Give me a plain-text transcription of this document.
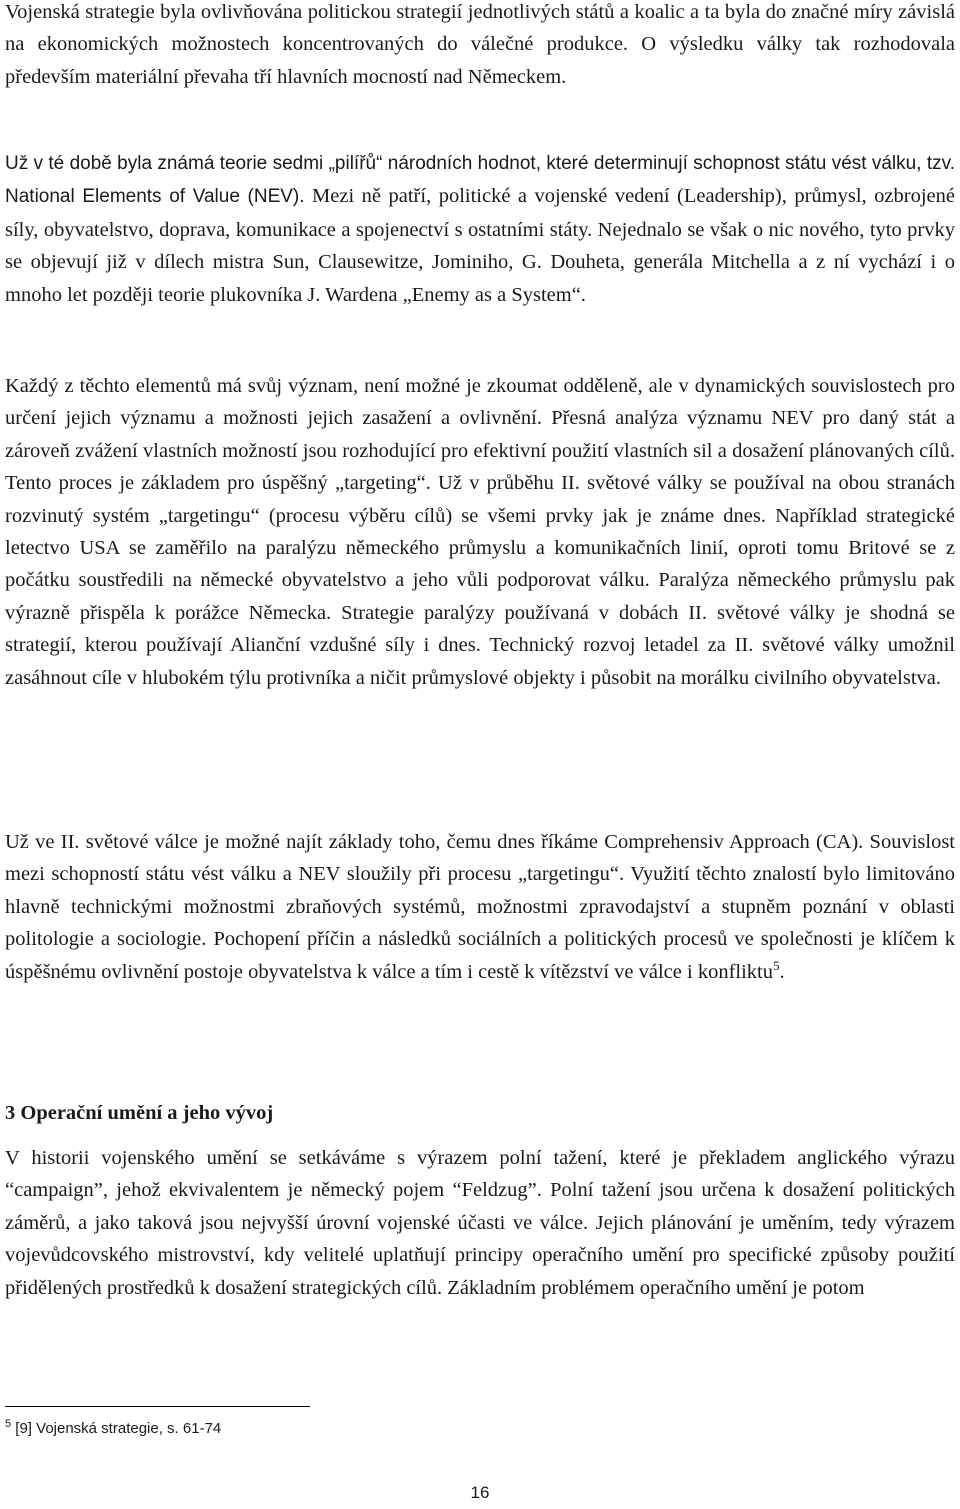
Vojenská strategie byla ovlivňována politickou strategií jednotlivých států a koalic a ta byla do značné míry závislá na ekonomických možnostech koncentrovaných do válečné produkce. O výsledku války tak rozhodovala především materiální převaha tří hlavních mocností nad Německem.

Už v té době byla známá teorie sedmi „pilířů“ národních hodnot, které determinují schopnost státu vést válku, tzv. National Elements of Value (NEV). Mezi ně patří, politické a vojenské vedení (Leadership), průmysl, ozbrojené síly, obyvatelstvo, doprava, komunikace a spojenectví s ostatními státy. Nejednalo se však o nic nového, tyto prvky se objevují již v dílech mistra Sun, Clausewitze, Jominiho, G. Douheta, generála Mitchella a z ní vychází i o mnoho let později teorie plukovníka J. Wardena „Enemy as a System“.

Každý z těchto elementů má svůj význam, není možné je zkoumat odděleně, ale v dynamických souvislostech pro určení jejich významu a možnosti jejich zasažení a ovlivnění. Přesná analýza významu NEV pro daný stát a zároveň zvážení vlastních možností jsou rozhodující pro efektivní použití vlastních sil a dosažení plánovaných cílů. Tento proces je základem pro úspěšný „targeting“. Už v průběhu II. světové války se používal na obou stranách rozvinutý systém „targetingu“ (procesu výběru cílů) se všemi prvky jak je známe dnes. Například strategické letectvo USA se zaměřilo na paralýzu německého průmyslu a komunikačních linií, oproti tomu Britové se z počátku soustředili na německé obyvatelstvo a jeho vůli podporovat válku. Paralýza německého průmyslu pak výrazně přispěla k porážce Německa. Strategie paralýzy používaná v dobách II. světové války je shodná se strategií, kterou používají Alianční vzdušné síly i dnes. Technický rozvoj letadel za II. světové války umožnil zasáhnout cíle v hlubokém týlu protivníka a ničit průmyslové objekty i působit na morálku civilního obyvatelstva.

Už ve II. světové válce je možné najít základy toho, čemu dnes říkáme Comprehensiv Approach (CA). Souvislost mezi schopností státu vést válku a NEV sloužily při procesu „targetingu“. Využití těchto znalostí bylo limitováno hlavně technickými možnostmi zbraňových systémů, možnostmi zpravodajství a stupněm poznání v oblasti politologie a sociologie. Pochopení příčin a následků sociálních a politických procesů ve společnosti je klíčem k úspěšnému ovlivnění postoje obyvatelstva k válce a tím i cestě k vítězství ve válce i konfliktu$^5$.

3 Operační umění a jeho vývoj

V historii vojenského umění se setkáváme s výrazem polní tažení, které je překladem anglického výrazu “campaign”, jehož ekvivalentem je německý pojem “Feldzug”. Polní tažení jsou určena k dosažení politických záměrů, a jako taková jsou nejvyšší úrovní vojenské účasti ve válce. Jejich plánování je uměním, tedy výrazem vojevůdcovského mistrovství, kdy velitelé uplatňují principy operačního umění pro specifické způsoby použití přidělených prostředků k dosažení strategických cílů. Základním problémem operačního umění je potom

$^5$ [9] Vojenská strategie, s. 61-74

16
